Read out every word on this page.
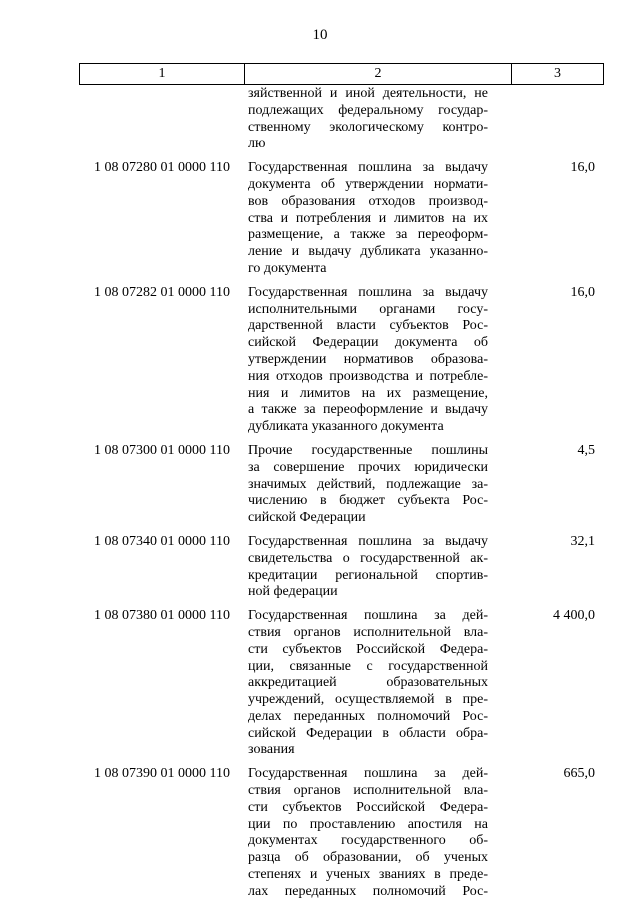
10
1	2	3
зяйственной и иной деятельности, не
подлежащих федеральному государ-
ственному экологическому контро-
лю
1 08 07280 01 0000 110 Государственная пошлина за выдачу
документа об утверждении нормати-
вов образования отходов производ-
ства и потребления и лимитов на их
размещение, а также за переоформ-
ление и выдачу дубликата указанно-
го документа
16,0
1 08 07282 01 0000 110 Государственная пошлина за выдачу
исполнительными органами госу-
дарственной власти субъектов Рос-
сийской Федерации документа об
утверждении нормативов образова-
ния отходов производства и потребле-
ния и лимитов на их размещение,
а также за переоформление и выдачу
дубликата указанного документа
16,0
1 08 07300 01 0000 110 Прочие государственные пошлины
за совершение прочих юридически
значимых действий, подлежащие за-
числению в бюджет субъекта Рос-
сийской Федерации
4,5
1 08 07340 01 0000 110 Государственная пошлина за выдачу
свидетельства о государственной ак-
кредитации региональной спортив-
ной федерации
32,1
1 08 07380 01 0000 110 Государственная пошлина за дей-
ствия органов исполнительной вла-
сти субъектов Российской Федера-
ции, связанные с государственной
аккредитацией образовательных
учреждений, осуществляемой в пре-
делах переданных полномочий Рос-
сийской Федерации в области обра-
зования
4 400,0
1 08 07390 01 0000 110 Государственная пошлина за дей-
ствия органов исполнительной вла-
сти субъектов Российской Федера-
ции по проставлению апостиля на
документах государственного об-
разца об образовании, об ученых
степенях и ученых званиях в преде-
лах переданных полномочий Рос-
665,0
